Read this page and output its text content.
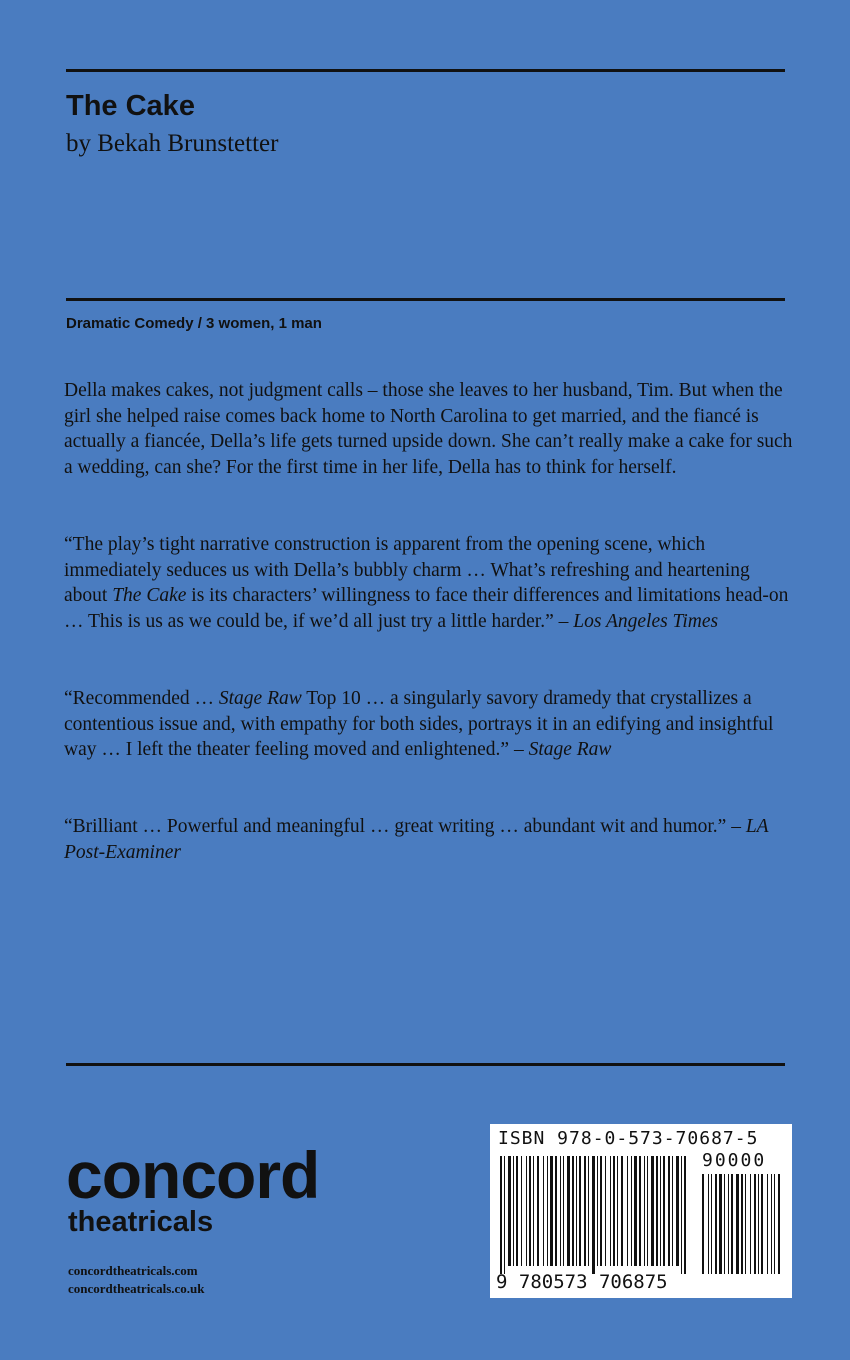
The Cake
by Bekah Brunstetter
Dramatic Comedy / 3 women, 1 man

Della makes cakes, not judgment calls – those she leaves to her husband, Tim. But when the girl she helped raise comes back home to North Carolina to get married, and the fiancé is actually a fiancée, Della’s life gets turned upside down. She can’t really make a cake for such a wedding, can she? For the first time in her life, Della has to think for herself.

“The play’s tight narrative construction is apparent from the opening scene, which immediately seduces us with Della’s bubbly charm … What’s refreshing and heartening about The Cake is its characters’ willingness to face their differences and limitations head-on … This is us as we could be, if we’d all just try a little harder.” – Los Angeles Times

“Recommended … Stage Raw Top 10 … a singularly savory dramedy that crystallizes a contentious issue and, with empathy for both sides, portrays it in an edifying and insightful way … I left the theater feeling moved and enlightened.” – Stage Raw

“Brilliant … Powerful and meaningful … great writing … abundant wit and humor.” – LA Post-Examiner

concord
theatricals
concordtheatricals.com
concordtheatricals.co.uk
ISBN 978-0-573-70687-5
90000
9 780573 706875
